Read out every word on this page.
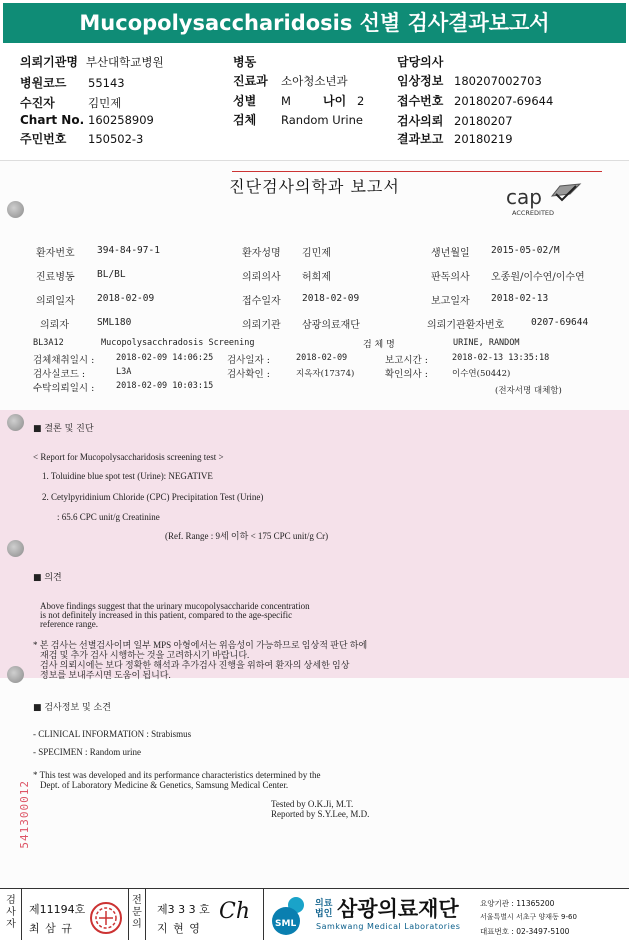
Mucopolysaccharidosis 선별 검사결과보고서
의뢰기관명 부산대학교병원
병원코드 55143
수진자	김민제
Chart No. 160258909
주민번호 150502-3
병동
진료과 소아청소년과
성별 M	나이 2
검체 Random Urine
담당의사
임상정보 180207002703
접수번호 20180207-69644
검사의뢰 20180207
결과보고 20180219
진단검사의학과 보고서	cap
ACCREDITED
환자번호 394-84-97-1	환자성명 김민제	생년월일 2015-05-02/M
진료병동 BL/BL	의뢰의사 허희제	판독의사 오종원/이수연/이수연
의뢰일자 2018-02-09	접수일자 2018-02-09	보고일자 2018-02-13
의뢰자	SML180	의뢰기관 삼광의료재단	의뢰기관환자번호	0207-69644
BL3A12	Mucopolysacchradosis Screening	검 체 명	URINE, RANDOM
검체채취일시 :	2018-02-09 14:06:25 검사일자 :	2018-02-09	보고시간 :	2018-02-13 13:35:18
검사실코드 :	L3A	검사확인 :	지옥자(17374)	확인의사 :	이수연(50442)
수탁의뢰일시 :	2018-02-09 10:03:15	(전자서명 대체함)
■ 결론 및 진단
< Report for Mucopolysaccharidosis screening test >
1. Toluidine blue spot test (Urine): NEGATIVE
2. Cetylpyridinium Chloride (CPC) Precipitation Test (Urine)
: 65.6 CPC unit/g Creatinine
(Ref. Range : 9세 이하 < 175 CPC unit/g Cr)
■ 의견
Above findings suggest that the urinary mucopolysaccharide concentration
is not definitely increased in this patient, compared to the age-specific
reference range.
* 본 검사는 선별검사이며 일부 MPS 아형에서는 위음성이 가능하므로 임상적 판단 하에
재검 및 추가 검사 시행하는 것을 고려하시기 바랍니다.
검사 의뢰시에는 보다 정확한 해석과 추가검사 진행을 위하여 환자의 상세한 임상
정보를 보내주시면 도움이 됩니다.
■ 검사정보 및 소견
- CLINICAL INFORMATION : Strabismus
- SPECIMEN : Random urine
* This test was developed and its performance characteristics determined by the
Dept. of Laboratory Medicine & Genetics, Samsung Medical Center.
Tested by O.K.Ji, M.T.
Reported by S.Y.Lee, M.D.
541300012
검사자
제11194호
최 삼 규
전문의
제3 3 3 호
지 현 영
Ch	SML
의료
법인 삼광의료재단
Samkwang Medical Laboratories
요양기관 : 11365200
서울특별시 서초구 양재동 9-60
대표번호 : 02-3497-5100
